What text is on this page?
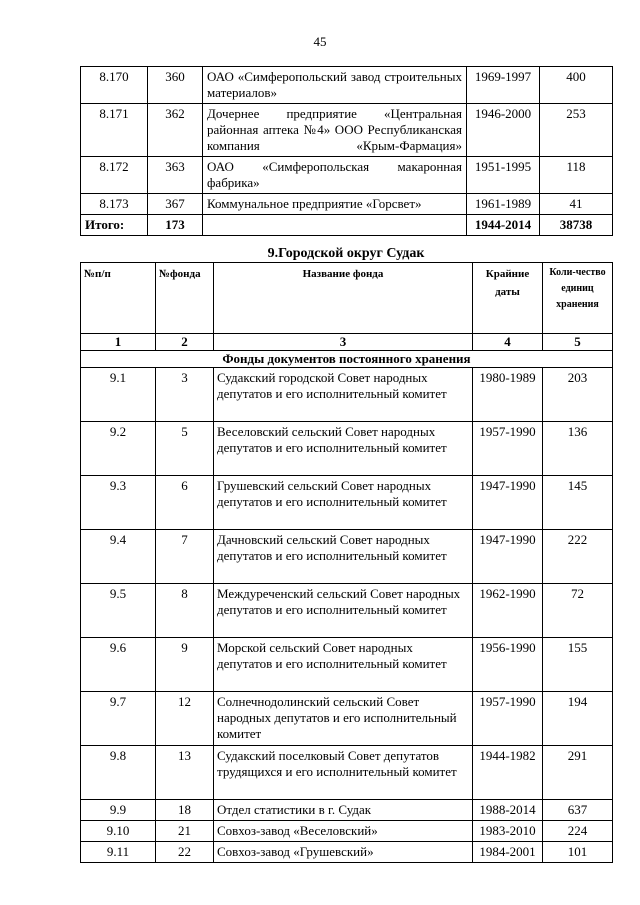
45
8.170	360	ОАО «Симферопольский завод строительных материалов»	1969-1997	400
8.171	362	Дочернее предприятие «Центральная районная аптека №4» ООО Республиканская компания «Крым-Фармация»	1946-2000	253
8.172	363	ОАО «Симферопольская макаронная фабрика»	1951-1995	118
8.173	367	Коммунальное предприятие «Горсвет»	1961-1989	41
Итого:	173		1944-2014	38738
9.Городской округ Судак
№п/п	№фонда	Название фонда	Крайние даты	Коли-чество единиц хранения
1	2	3	4	5
Фонды документов постоянного хранения				
9.1	3	Судакский городской Совет народных депутатов и его исполнительный комитет	1980-1989	203
9.2	5	Веселовский сельский Совет народных депутатов и его исполнительный комитет	1957-1990	136
9.3	6	Грушевский сельский Совет народных депутатов и его исполнительный комитет	1947-1990	145
9.4	7	Дачновский сельский Совет народных депутатов и его исполнительный комитет	1947-1990	222
9.5	8	Междуреченский сельский Совет народных депутатов и его исполнительный комитет	1962-1990	72
9.6	9	Морской сельский Совет народных депутатов и его исполнительный комитет	1956-1990	155
9.7	12	Солнечнодолинский сельский Совет народных депутатов и его исполнительный комитет	1957-1990	194
9.8	13	Судакский поселковый Совет депутатов трудящихся и его исполнительный комитет	1944-1982	291
9.9	18	Отдел статистики в г. Судак	1988-2014	637
9.10	21	Совхоз-завод «Веселовский»	1983-2010	224
9.11	22	Совхоз-завод «Грушевский»	1984-2001	101
